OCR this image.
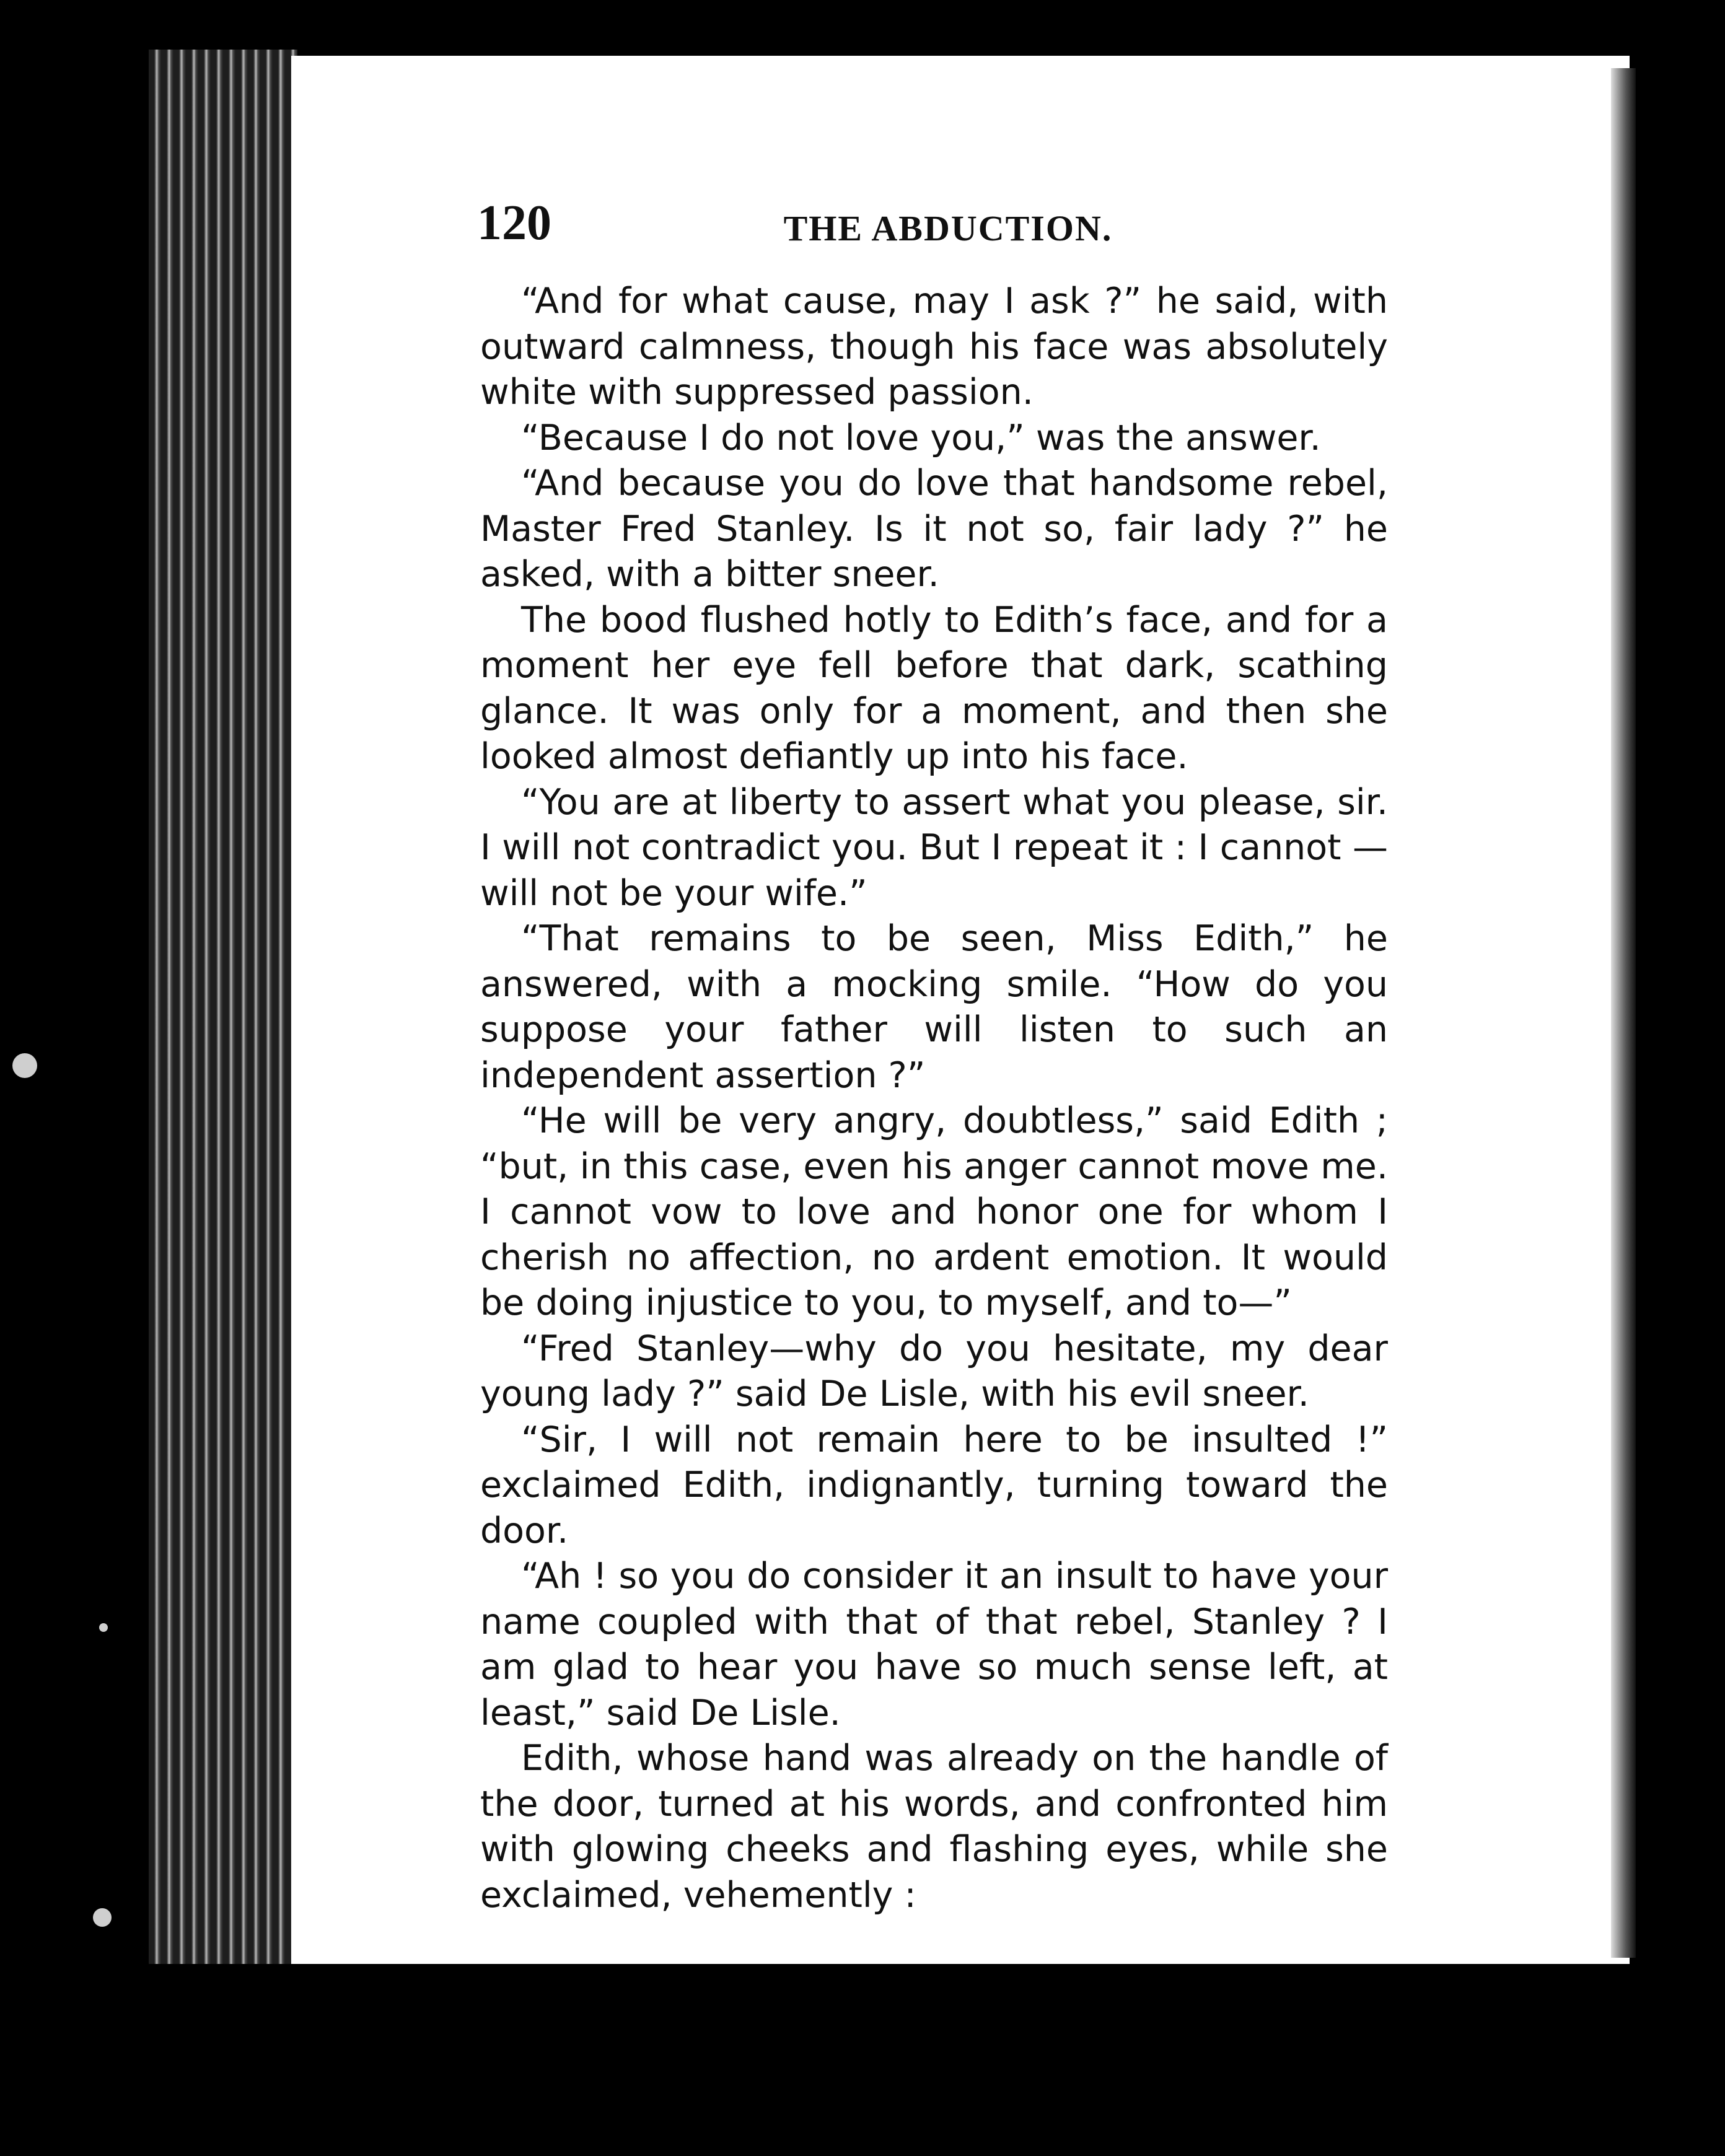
120	THE ABDUCTION.

“And for what cause, may I ask ?” he said, with outward calmness, though his face was absolutely white with suppressed passion.

“Because I do not love you,” was the answer.

“And because you do love that handsome rebel, Master Fred Stanley. Is it not so, fair lady ?” he asked, with a bitter sneer.

The bood flushed hotly to Edith’s face, and for a moment her eye fell before that dark, scathing glance. It was only for a moment, and then she looked almost defiantly up into his face.

“You are at liberty to assert what you please, sir. I will not contradict you. But I repeat it : I cannot —will not be your wife.”

“That remains to be seen, Miss Edith,” he answered, with a mocking smile. “How do you suppose your father will listen to such an independent assertion ?”

“He will be very angry, doubtless,” said Edith ; “but, in this case, even his anger cannot move me. I cannot vow to love and honor one for whom I cherish no affection, no ardent emotion. It would be doing injustice to you, to myself, and to—”

“Fred Stanley—why do you hesitate, my dear young lady ?” said De Lisle, with his evil sneer.

“Sir, I will not remain here to be insulted !” exclaimed Edith, indignantly, turning toward the door.

“Ah ! so you do consider it an insult to have your name coupled with that of that rebel, Stanley ? I am glad to hear you have so much sense left, at least,” said De Lisle.

Edith, whose hand was already on the handle of the door, turned at his words, and confronted him with glowing cheeks and flashing eyes, while she exclaimed, vehemently :
